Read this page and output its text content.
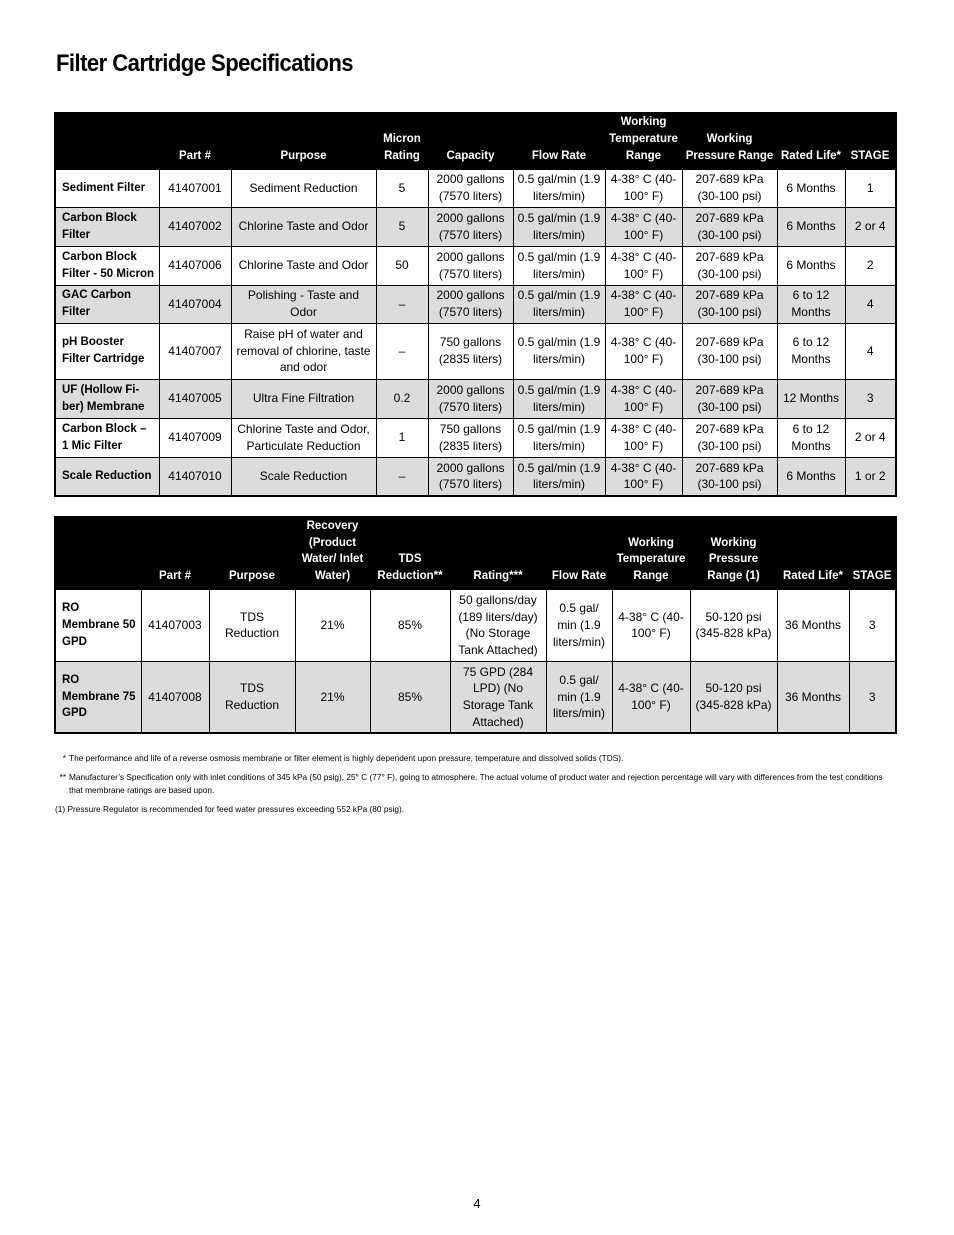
Filter Cartridge Specifications
	Part #	Purpose	Micron Rating	Capacity	Flow Rate	Working Temperature Range	Working Pressure Range	Rated Life*	STAGE
Sediment Filter	41407001	Sediment Reduction	5	2000 gallons (7570 liters)	0.5 gal/min (1.9 liters/min)	4-38° C (40-100° F)	207-689 kPa (30-100 psi)	6 Months	1
Carbon Block Filter	41407002	Chlorine Taste and Odor	5	2000 gallons (7570 liters)	0.5 gal/min (1.9 liters/min)	4-38° C (40-100° F)	207-689 kPa (30-100 psi)	6 Months	2 or 4
Carbon Block Filter - 50 Micron	41407006	Chlorine Taste and Odor	50	2000 gallons (7570 liters)	0.5 gal/min (1.9 liters/min)	4-38° C (40-100° F)	207-689 kPa (30-100 psi)	6 Months	2
GAC Carbon Filter	41407004	Polishing - Taste and Odor	–	2000 gallons (7570 liters)	0.5 gal/min (1.9 liters/min)	4-38° C (40-100° F)	207-689 kPa (30-100 psi)	6 to 12 Months	4
pH Booster Filter Cartridge	41407007	Raise pH of water and removal of chlorine, taste and odor	–	750 gallons (2835 liters)	0.5 gal/min (1.9 liters/min)	4-38° C (40-100° F)	207-689 kPa (30-100 psi)	6 to 12 Months	4
UF (Hollow Fi-ber) Membrane	41407005	Ultra Fine Filtration	0.2	2000 gallons (7570 liters)	0.5 gal/min (1.9 liters/min)	4-38° C (40-100° F)	207-689 kPa (30-100 psi)	12 Months	3
Carbon Block – 1 Mic Filter	41407009	Chlorine Taste and Odor, Particulate Reduction	1	750 gallons (2835 liters)	0.5 gal/min (1.9 liters/min)	4-38° C (40-100° F)	207-689 kPa (30-100 psi)	6 to 12 Months	2 or 4
Scale Reduction	41407010	Scale Reduction	–	2000 gallons (7570 liters)	0.5 gal/min (1.9 liters/min)	4-38° C (40-100° F)	207-689 kPa (30-100 psi)	6 Months	1 or 2
	Part #	Purpose	Recovery (Product Water/ Inlet Water)	TDS Reduction**	Rating***	Flow Rate	Working Temperature Range	Working Pressure Range (1)	Rated Life*	STAGE
RO Membrane 50 GPD	41407003	TDS Reduction	21%	85%	50 gallons/day (189 liters/day) (No Storage Tank Attached)	0.5 gal/ min (1.9 liters/min)	4-38° C (40-100° F)	50-120 psi (345-828 kPa)	36 Months	3
RO Membrane 75 GPD	41407008	TDS Reduction	21%	85%	75 GPD (284 LPD) (No Storage Tank Attached)	0.5 gal/ min (1.9 liters/min)	4-38° C (40-100° F)	50-120 psi (345-828 kPa)	36 Months	3
* The performance and life of a reverse osmosis membrane or filter element is highly dependent upon pressure, temperature and dissolved solids (TDS).
** Manufacturer’s Specification only with inlet conditions of 345 kPa (50 psig), 25° C (77° F), going to atmosphere. The actual volume of product water and rejection percentage will vary with differences from the test conditions that membrane ratings are based upon.
(1) Pressure Regulator is recommended for feed water pressures exceeding 552 kPa (80 psig).
4
